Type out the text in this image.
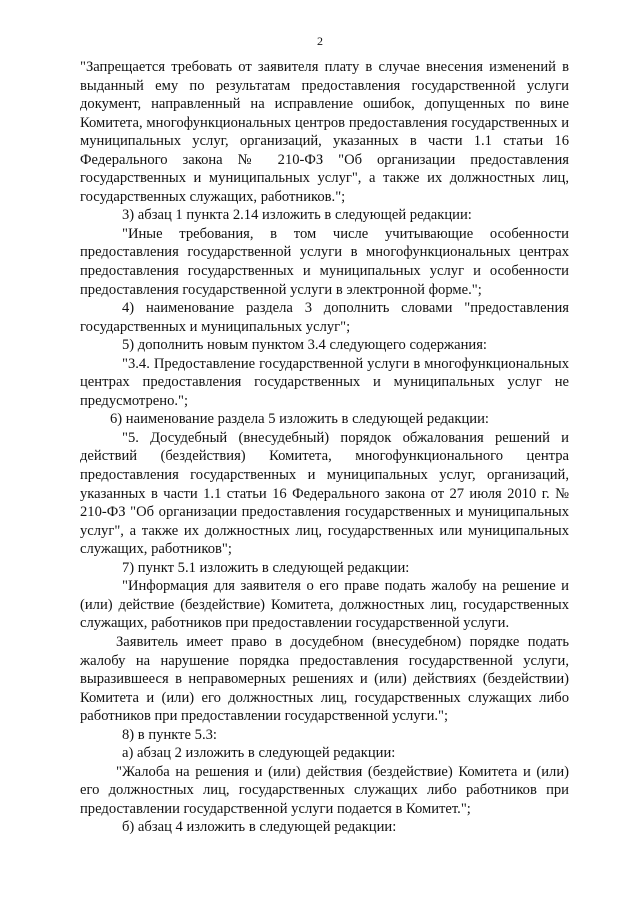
2

"Запрещается требовать от заявителя плату в случае внесения изменений в выданный ему по результатам предоставления государственной услуги документ, направленный на исправление ошибок, допущенных по вине Комитета, многофункциональных центров предоставления государственных и муниципальных услуг, организаций, указанных в части 1.1 статьи 16 Федерального закона № 210-ФЗ "Об организации предоставления государственных и муниципальных услуг", а также их должностных лиц, государственных служащих, работников.";

3) абзац 1 пункта 2.14 изложить в следующей редакции:

"Иные требования, в том числе учитывающие особенности предоставления государственной услуги в многофункциональных центрах предоставления государственных и муниципальных услуг и особенности предоставления государственной услуги в электронной форме.";

4) наименование раздела 3 дополнить словами "предоставления государственных и муниципальных услуг";

5) дополнить новым пунктом 3.4 следующего содержания:

"3.4. Предоставление государственной услуги в многофункциональных центрах предоставления государственных и муниципальных услуг не предусмотрено.";

6) наименование раздела 5 изложить в следующей редакции:

"5. Досудебный (внесудебный) порядок обжалования решений и действий (бездействия) Комитета, многофункционального центра предоставления государственных и муниципальных услуг, организаций, указанных в части 1.1 статьи 16 Федерального закона от 27 июля 2010 г. № 210-ФЗ "Об организации предоставления государственных и муниципальных услуг", а также их должностных лиц, государственных или муниципальных служащих, работников";

7) пункт 5.1 изложить в следующей редакции:

"Информация для заявителя о его праве подать жалобу на решение и (или) действие (бездействие) Комитета, должностных лиц, государственных служащих, работников при предоставлении государственной услуги.

Заявитель имеет право в досудебном (внесудебном) порядке подать жалобу на нарушение порядка предоставления государственной услуги, выразившееся в неправомерных решениях и (или) действиях (бездействии) Комитета и (или) его должностных лиц, государственных служащих либо работников при предоставлении государственной услуги.";

8) в пункте 5.3:

а) абзац 2 изложить в следующей редакции:

"Жалоба на решения и (или) действия (бездействие) Комитета и (или) его должностных лиц, государственных служащих либо работников при предоставлении государственной услуги подается в Комитет.";

б) абзац 4 изложить в следующей редакции:
